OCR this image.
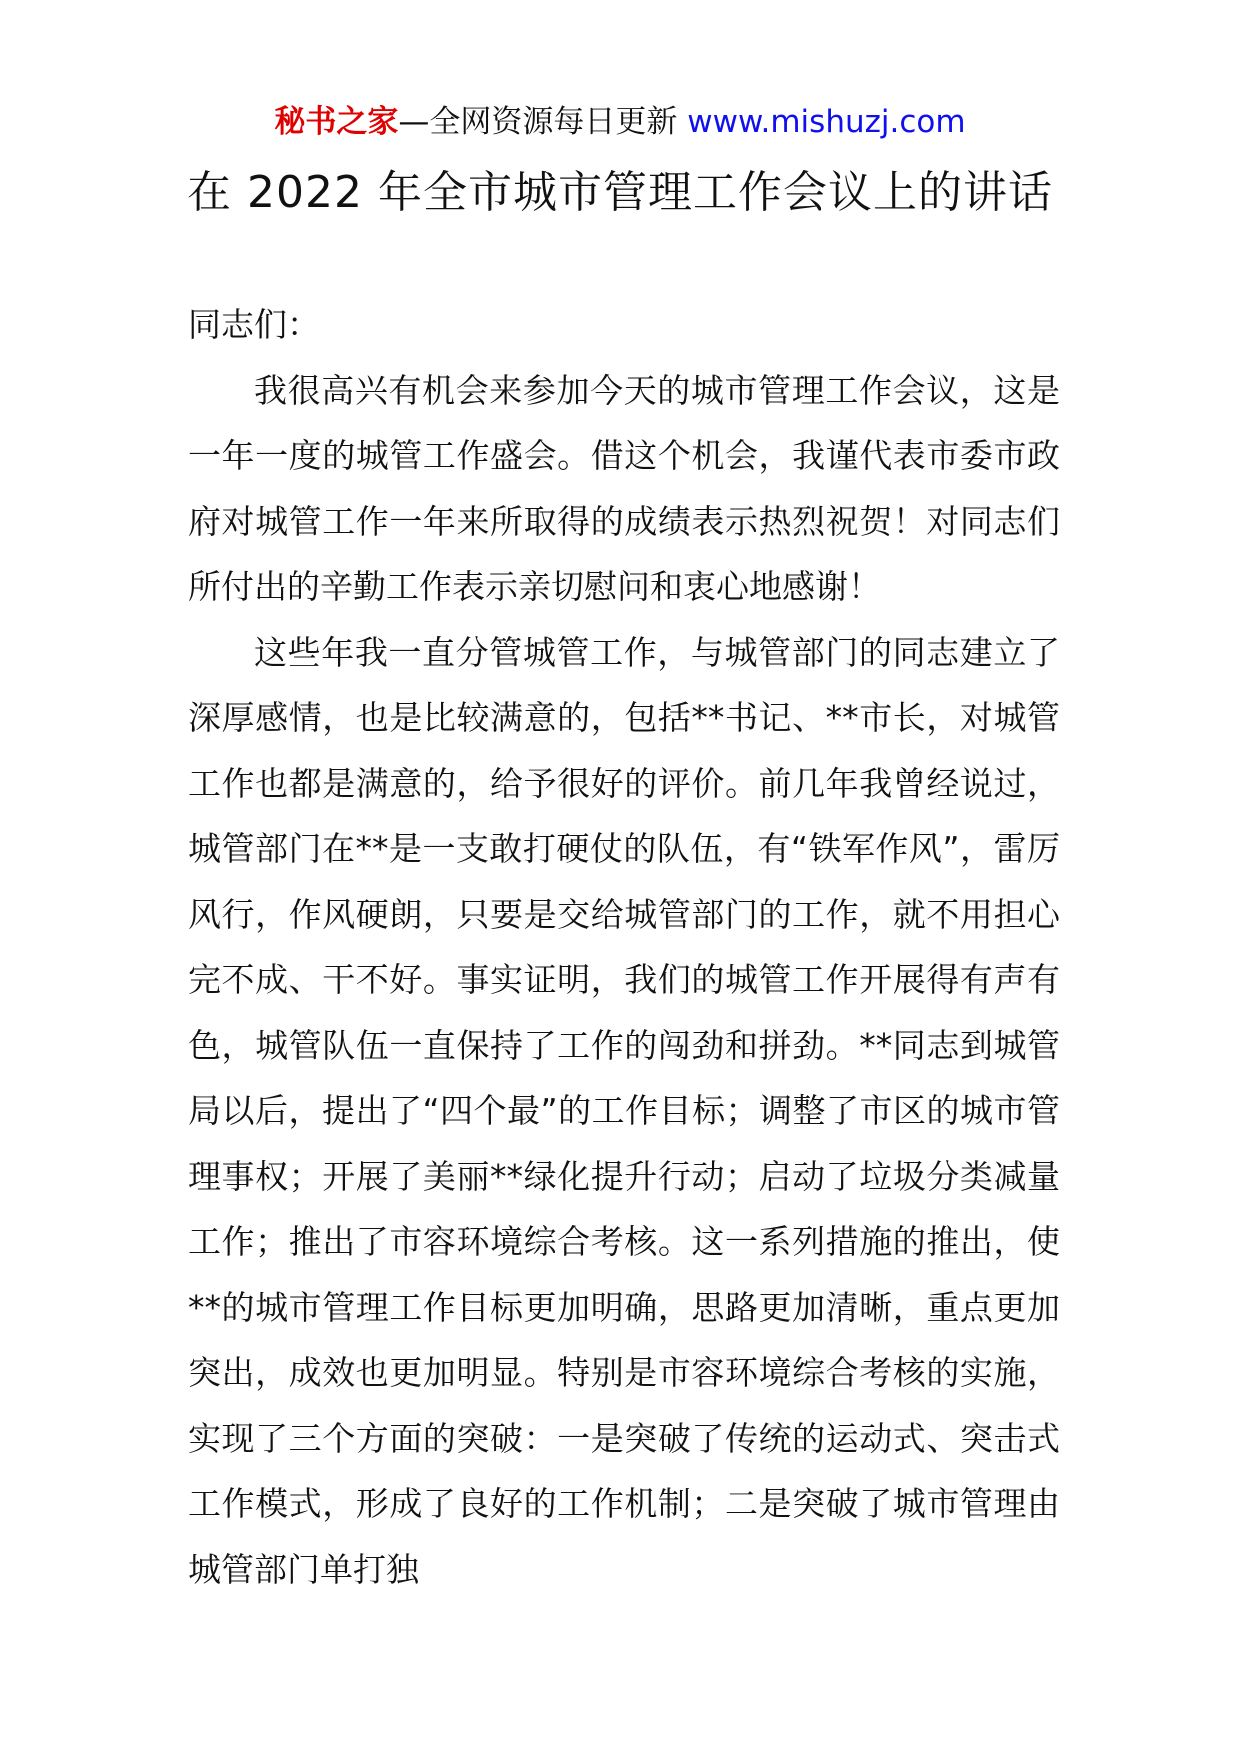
秘书之家—全网资源每日更新 www.mishuzj.com
在 2022 年全市城市管理工作会议上的讲话

同志们：

我很高兴有机会来参加今天的城市管理工作会议，这是一年一度的城管工作盛会。借这个机会，我谨代表市委市政府对城管工作一年来所取得的成绩表示热烈祝贺！对同志们所付出的辛勤工作表示亲切慰问和衷心地感谢！

这些年我一直分管城管工作，与城管部门的同志建立了深厚感情，也是比较满意的，包括**书记、**市长，对城管工作也都是满意的，给予很好的评价。前几年我曾经说过，城管部门在**是一支敢打硬仗的队伍，有“铁军作风”，雷厉风行，作风硬朗，只要是交给城管部门的工作，就不用担心完不成、干不好。事实证明，我们的城管工作开展得有声有色，城管队伍一直保持了工作的闯劲和拼劲。**同志到城管局以后，提出了“四个最”的工作目标；调整了市区的城市管理事权；开展了美丽**绿化提升行动；启动了垃圾分类减量工作；推出了市容环境综合考核。这一系列措施的推出，使**的城市管理工作目标更加明确，思路更加清晰，重点更加突出，成效也更加明显。特别是市容环境综合考核的实施，实现了三个方面的突破：一是突破了传统的运动式、突击式工作模式，形成了良好的工作机制；二是突破了城市管理由城管部门单打独
